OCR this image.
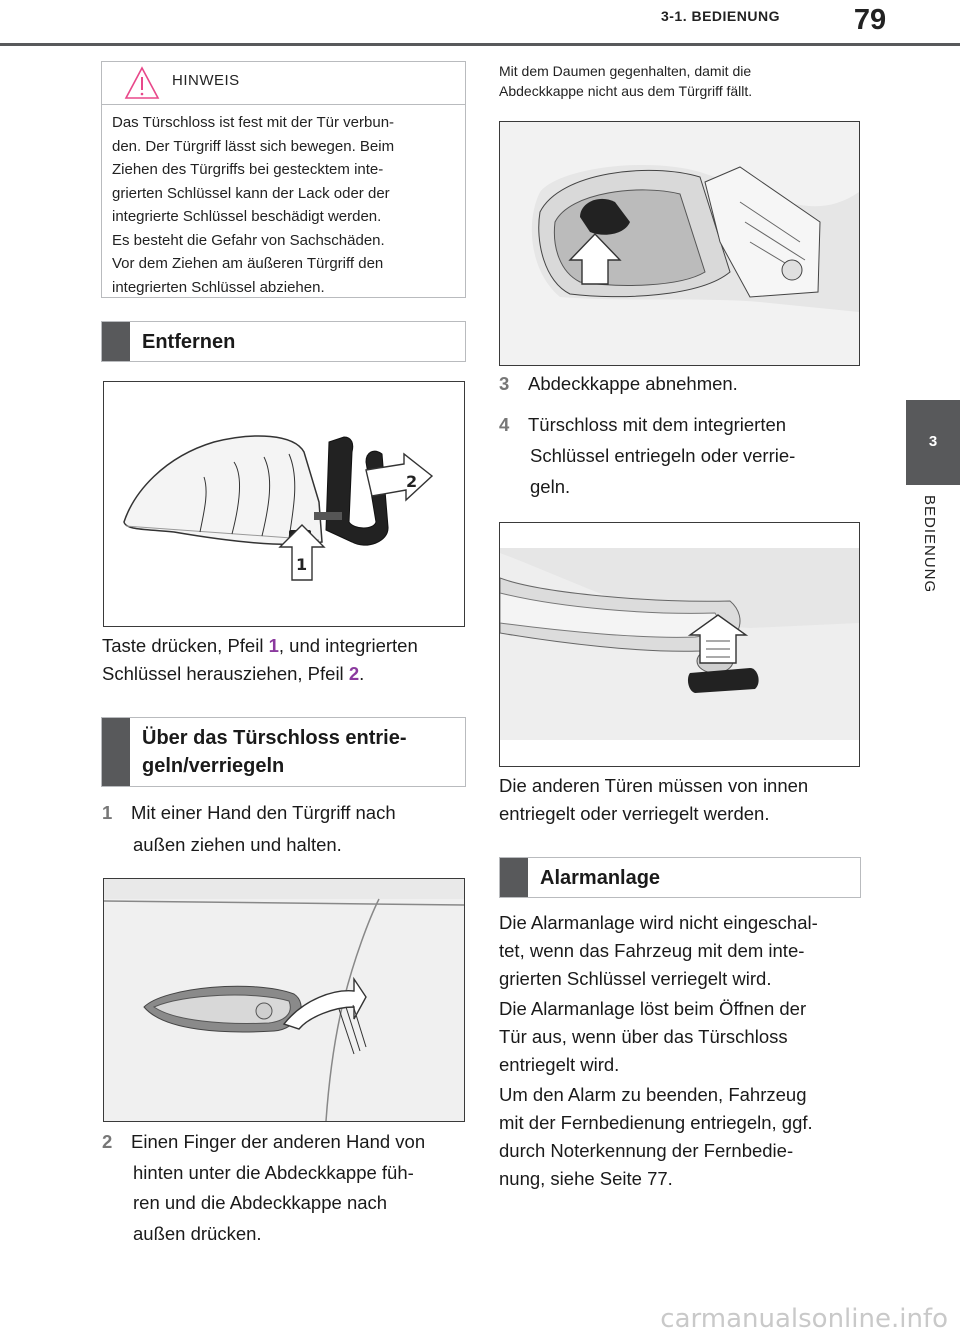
3-1. BEDIENUNG	79
3
BEDIENUNG
HINWEIS
Das Türschloss ist fest mit der Tür verbun-
den. Der Türgriff lässt sich bewegen. Beim
Ziehen des Türgriffs bei gestecktem inte-
grierten Schlüssel kann der Lack oder der
integrierte Schlüssel beschädigt werden.
Es besteht die Gefahr von Sachschäden.
Vor dem Ziehen am äußeren Türgriff den
integrierten Schlüssel abziehen.
Entfernen
2
1
Taste drücken, Pfeil 1, und integrierten
Schlüssel herausziehen, Pfeil 2.
Über das Türschloss entrie-
geln/verriegeln
1 Mit einer Hand den Türgriff nach
außen ziehen und halten.
2 Einen Finger der anderen Hand von
hinten unter die Abdeckkappe füh-
ren und die Abdeckkappe nach
außen drücken.
Mit dem Daumen gegenhalten, damit die
Abdeckkappe nicht aus dem Türgriff fällt.
3 Abdeckkappe abnehmen.
4 Türschloss mit dem integrierten
Schlüssel entriegeln oder verrie-
geln.
Die anderen Türen müssen von innen
entriegelt oder verriegelt werden.
Alarmanlage
Die Alarmanlage wird nicht eingeschal-
tet, wenn das Fahrzeug mit dem inte-
grierten Schlüssel verriegelt wird.
Die Alarmanlage löst beim Öffnen der
Tür aus, wenn über das Türschloss
entriegelt wird.
Um den Alarm zu beenden, Fahrzeug
mit der Fernbedienung entriegeln, ggf.
durch Noterkennung der Fernbedie-
nung, siehe Seite 77.
carmanualsonline.info
